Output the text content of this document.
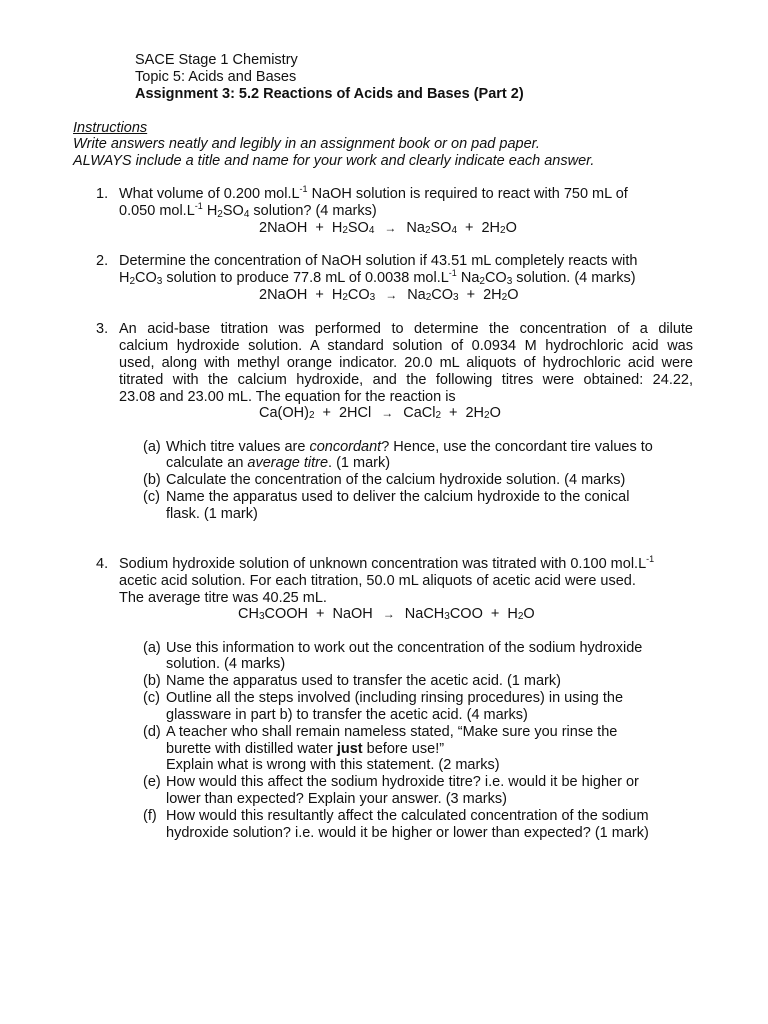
SACE Stage 1 Chemistry
Topic 5: Acids and Bases
Assignment 3: 5.2 Reactions of Acids and Bases (Part 2)
Instructions
Write answers neatly and legibly in an assignment book or on pad paper.
ALWAYS include a title and name for your work and clearly indicate each answer.
1. What volume of 0.200 $mol.L^{-1}$ NaOH solution is required to react with 750 mL of
0.050 $mol.L^{-1}$ $H_2SO_4$ solution? (4 marks)
2NaOH + H2SO4 → Na2SO4 + 2H2O
2. Determine the concentration of NaOH solution if 43.51 mL completely reacts with
$H_2CO_3$ solution to produce 77.8 mL of 0.0038 $mol.L^{-1}$ $Na_2CO_3$ solution. (4 marks)
2NaOH + H2CO3 → Na2CO3 + 2H2O
3. An acid-base titration was performed to determine the concentration of a dilute
calcium hydroxide solution. A standard solution of 0.0934 M hydrochloric acid was
used, along with methyl orange indicator. 20.0 mL aliquots of hydrochloric acid were
titrated with the calcium hydroxide, and the following titres were obtained: 24.22,
23.08 and 23.00 mL. The equation for the reaction is
Ca(OH)2 + 2HCl → CaCl2 + 2H2O
(a) Which titre values are concordant? Hence, use the concordant tire values to
calculate an average titre. (1 mark)
(b) Calculate the concentration of the calcium hydroxide solution. (4 marks)
(c) Name the apparatus used to deliver the calcium hydroxide to the conical
flask. (1 mark)
4. Sodium hydroxide solution of unknown concentration was titrated with 0.100 $mol.L^{-1}$
acetic acid solution. For each titration, 50.0 mL aliquots of acetic acid were used.
The average titre was 40.25 mL.
CH3COOH + NaOH → NaCH3COO + H2O
(a) Use this information to work out the concentration of the sodium hydroxide
solution. (4 marks)
(b) Name the apparatus used to transfer the acetic acid. (1 mark)
(c) Outline all the steps involved (including rinsing procedures) in using the
glassware in part b) to transfer the acetic acid. (4 marks)
(d) A teacher who shall remain nameless stated, “Make sure you rinse the
burette with distilled water just before use!”
Explain what is wrong with this statement. (2 marks)
(e) How would this affect the sodium hydroxide titre? i.e. would it be higher or
lower than expected? Explain your answer. (3 marks)
(f) How would this resultantly affect the calculated concentration of the sodium
hydroxide solution? i.e. would it be higher or lower than expected? (1 mark)
